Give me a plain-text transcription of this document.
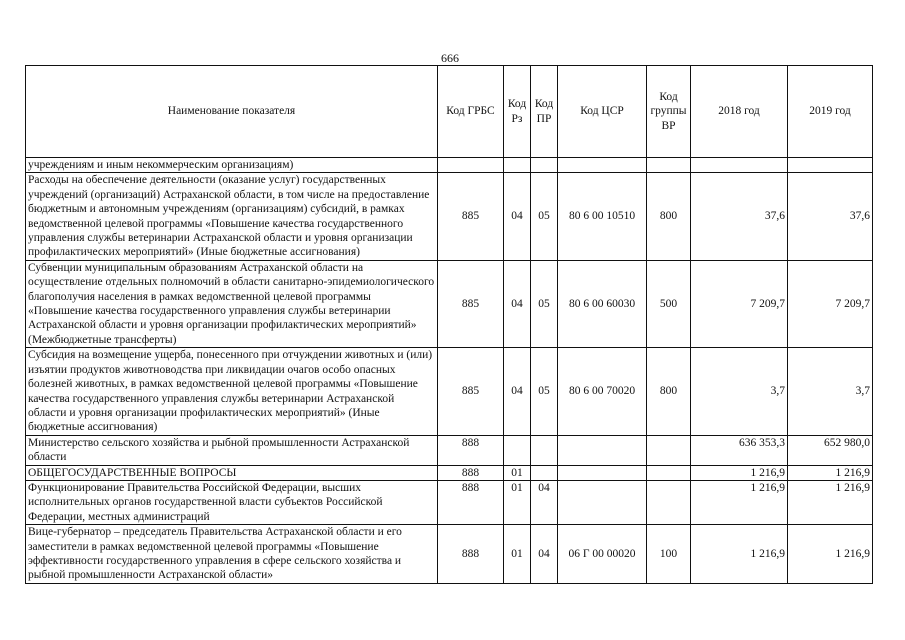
666
Наименование показателя	Код ГРБС	Код Рз	Код ПР	Код ЦСР	Код группы ВР	2018 год	2019 год
учреждениям и иным некоммерческим организациям)							
Расходы на обеспечение деятельности (оказание услуг) государственных учреждений (организаций) Астраханской области, в том числе на предоставление бюджетным и автономным учреждениям (организациям) субсидий, в рамках ведомственной целевой программы «Повышение качества государственного управления службы ветеринарии Астраханской области и уровня организации профилактических мероприятий» (Иные бюджетные ассигнования)	885	04	05	80 6 00 10510	800	37,6	37,6
Субвенции муниципальным образованиям Астраханской области на осуществление отдельных полномочий в области санитарно-эпидемиологического благополучия населения в рамках ведомственной целевой программы «Повышение качества государственного управления службы ветеринарии Астраханской области и уровня организации профилактических мероприятий» (Межбюджетные трансферты)	885	04	05	80 6 00 60030	500	7 209,7	7 209,7
Субсидия на возмещение ущерба, понесенного при отчуждении животных и (или) изъятии продуктов животноводства при ликвидации очагов особо опасных болезней животных, в рамках ведомственной целевой программы «Повышение качества государственного управления службы ветеринарии Астраханской области и уровня организации профилактических мероприятий» (Иные бюджетные ассигнования)	885	04	05	80 6 00 70020	800	3,7	3,7
Министерство сельского хозяйства и рыбной промышленности Астраханской области	888					636 353,3	652 980,0
ОБЩЕГОСУДАРСТВЕННЫЕ ВОПРОСЫ	888	01				1 216,9	1 216,9
Функционирование Правительства Российской Федерации, высших исполнительных органов государственной власти субъектов Российской Федерации, местных администраций	888	01	04			1 216,9	1 216,9
Вице-губернатор – председатель Правительства Астраханской области и его заместители в рамках ведомственной целевой программы «Повышение эффективности государственного управления в сфере сельского хозяйства и рыбной промышленности Астраханской области»	888	01	04	06 Г 00 00020	100	1 216,9	1 216,9
